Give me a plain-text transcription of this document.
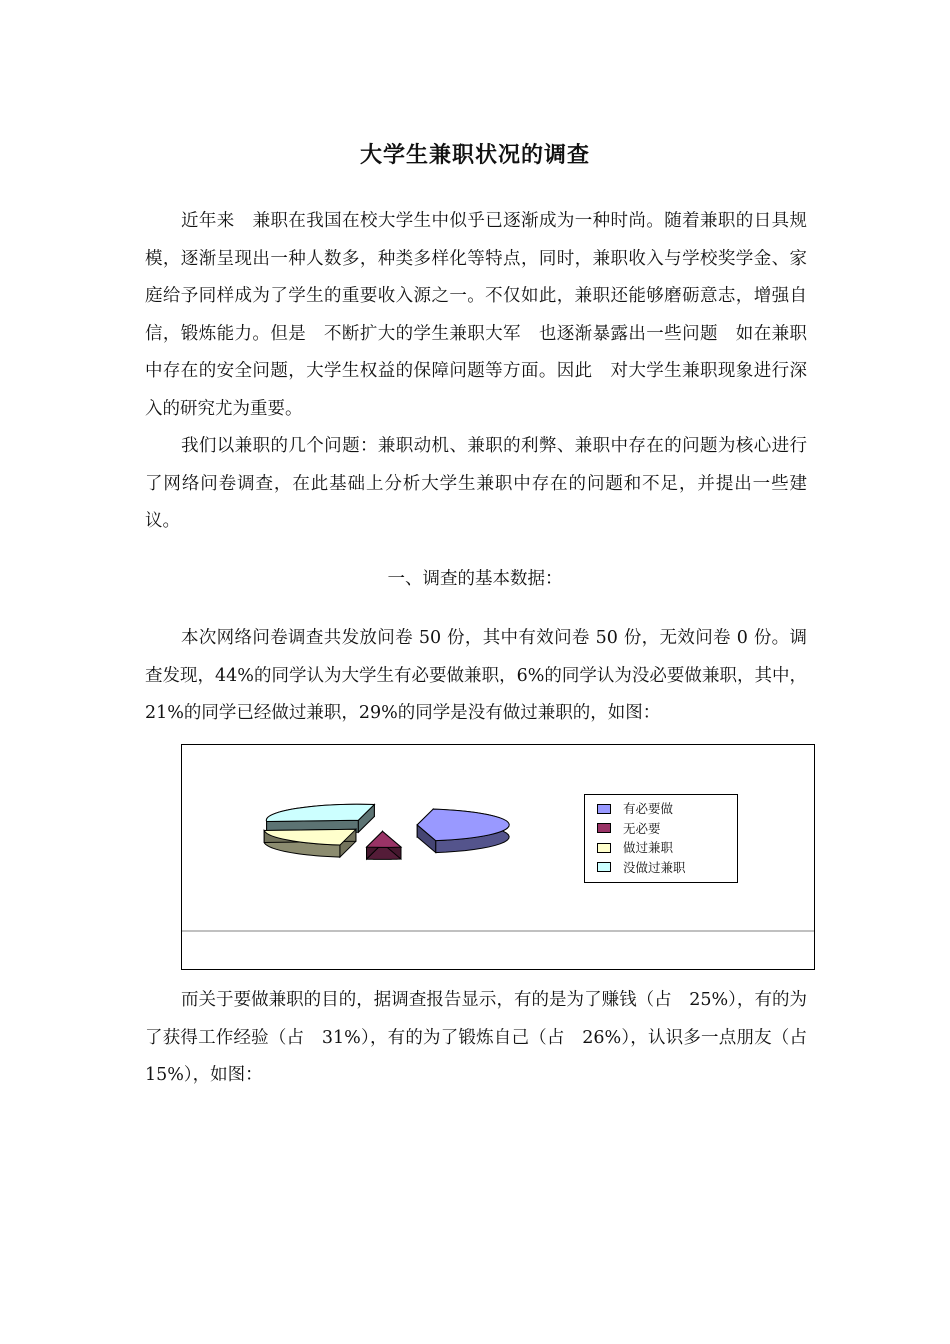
大学生兼职状况的调查
近年来　兼职在我国在校大学生中似乎已逐渐成为一种时尚。随着兼职的日具规模，逐渐呈现出一种人数多，种类多样化等特点，同时，兼职收入与学校奖学金、家庭给予同样成为了学生的重要收入源之一。不仅如此，兼职还能够磨砺意志，增强自信，锻炼能力。但是　不断扩大的学生兼职大军　也逐渐暴露出一些问题　如在兼职中存在的安全问题，大学生权益的保障问题等方面。因此　对大学生兼职现象进行深入的研究尤为重要。
我们以兼职的几个问题：兼职动机、兼职的利弊、兼职中存在的问题为核心进行了网络问卷调查，在此基础上分析大学生兼职中存在的问题和不足，并提出一些建议。
一、调查的基本数据：
本次网络问卷调查共发放问卷 50 份，其中有效问卷 50 份，无效问卷 0 份。调查发现，44%的同学认为大学生有必要做兼职，6%的同学认为没必要做兼职，其中，21%的同学已经做过兼职，29%的同学是没有做过兼职的，如图：
有必要做
无必要
做过兼职
没做过兼职
而关于要做兼职的目的，据调查报告显示，有的是为了赚钱（占　25%），有的为了获得工作经验（占　31%），有的为了锻炼自己（占　26%），认识多一点朋友（占 15%），如图：
